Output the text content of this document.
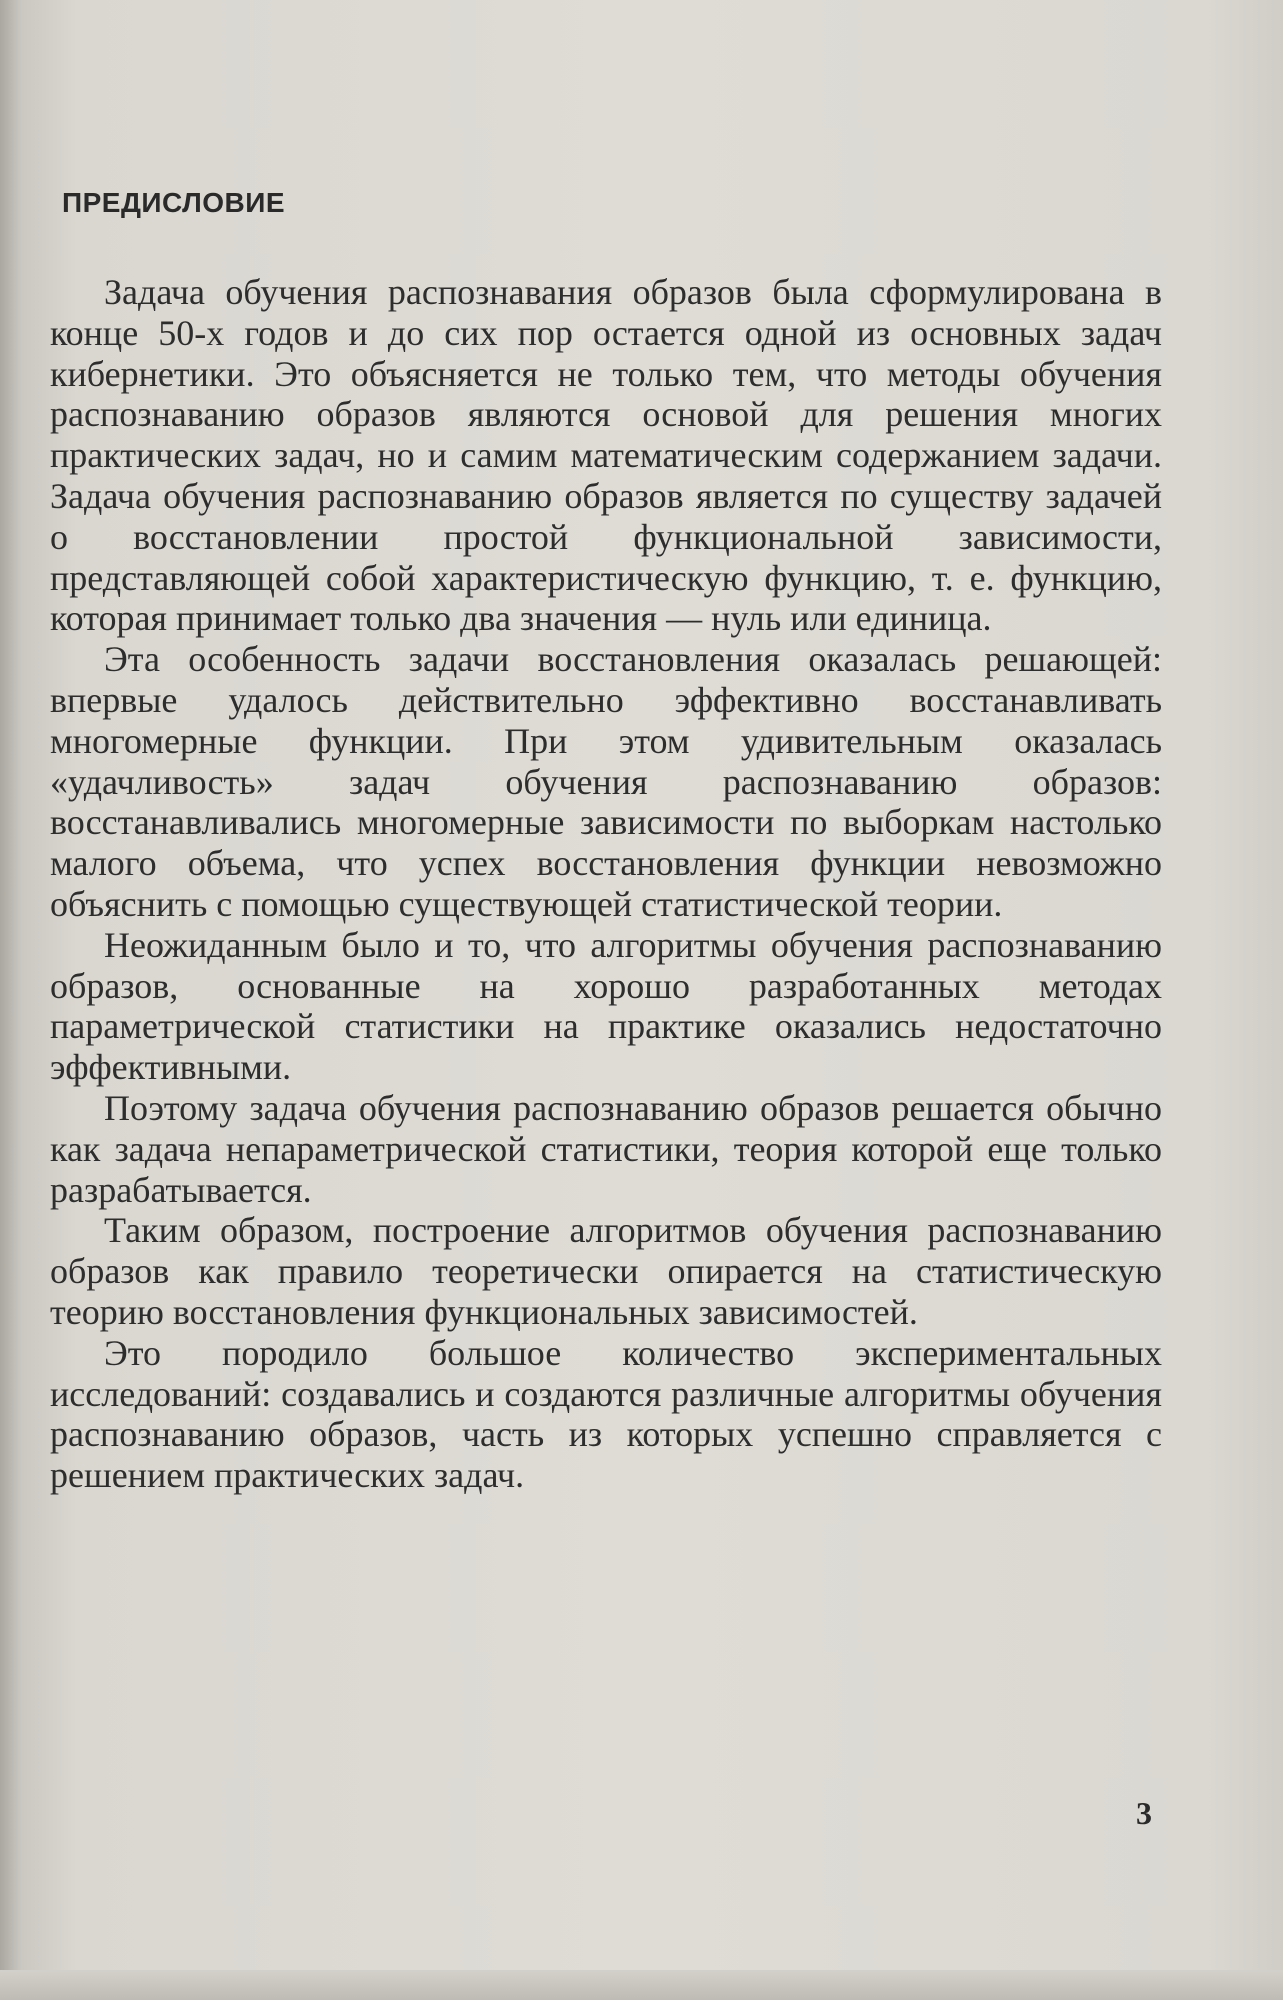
ПРЕДИСЛОВИЕ

Задача обучения распознавания образов была сформулирована в конце 50-х годов и до сих пор остается одной из основных задач кибернетики. Это объясняется не только тем, что методы обучения распознаванию образов являются основой для решения многих практических задач, но и самим математическим содержанием задачи. Задача обучения распознаванию образов является по существу задачей о восстановлении простой функциональной зависимости, представляющей собой характеристическую функцию, т. е. функцию, которая принимает только два значения — нуль или единица.

Эта особенность задачи восстановления оказалась решающей: впервые удалось действительно эффективно восстанавливать многомерные функции. При этом удивительным оказалась «удачливость» задач обучения распознаванию образов: восстанавливались многомерные зависимости по выборкам настолько малого объема, что успех восстановления функции невозможно объяснить с помощью существующей статистической теории.

Неожиданным было и то, что алгоритмы обучения распознаванию образов, основанные на хорошо разработанных методах параметрической статистики на практике оказались недостаточно эффективными.

Поэтому задача обучения распознаванию образов решается обычно как задача непараметрической статистики, теория которой еще только разрабатывается.

Таким образом, построение алгоритмов обучения распознаванию образов как правило теоретически опирается на статистическую теорию восстановления функциональных зависимостей.

Это породило большое количество экспериментальных исследований: создавались и создаются различные алгоритмы обучения распознаванию образов, часть из которых успешно справляется с решением практических задач.

3
